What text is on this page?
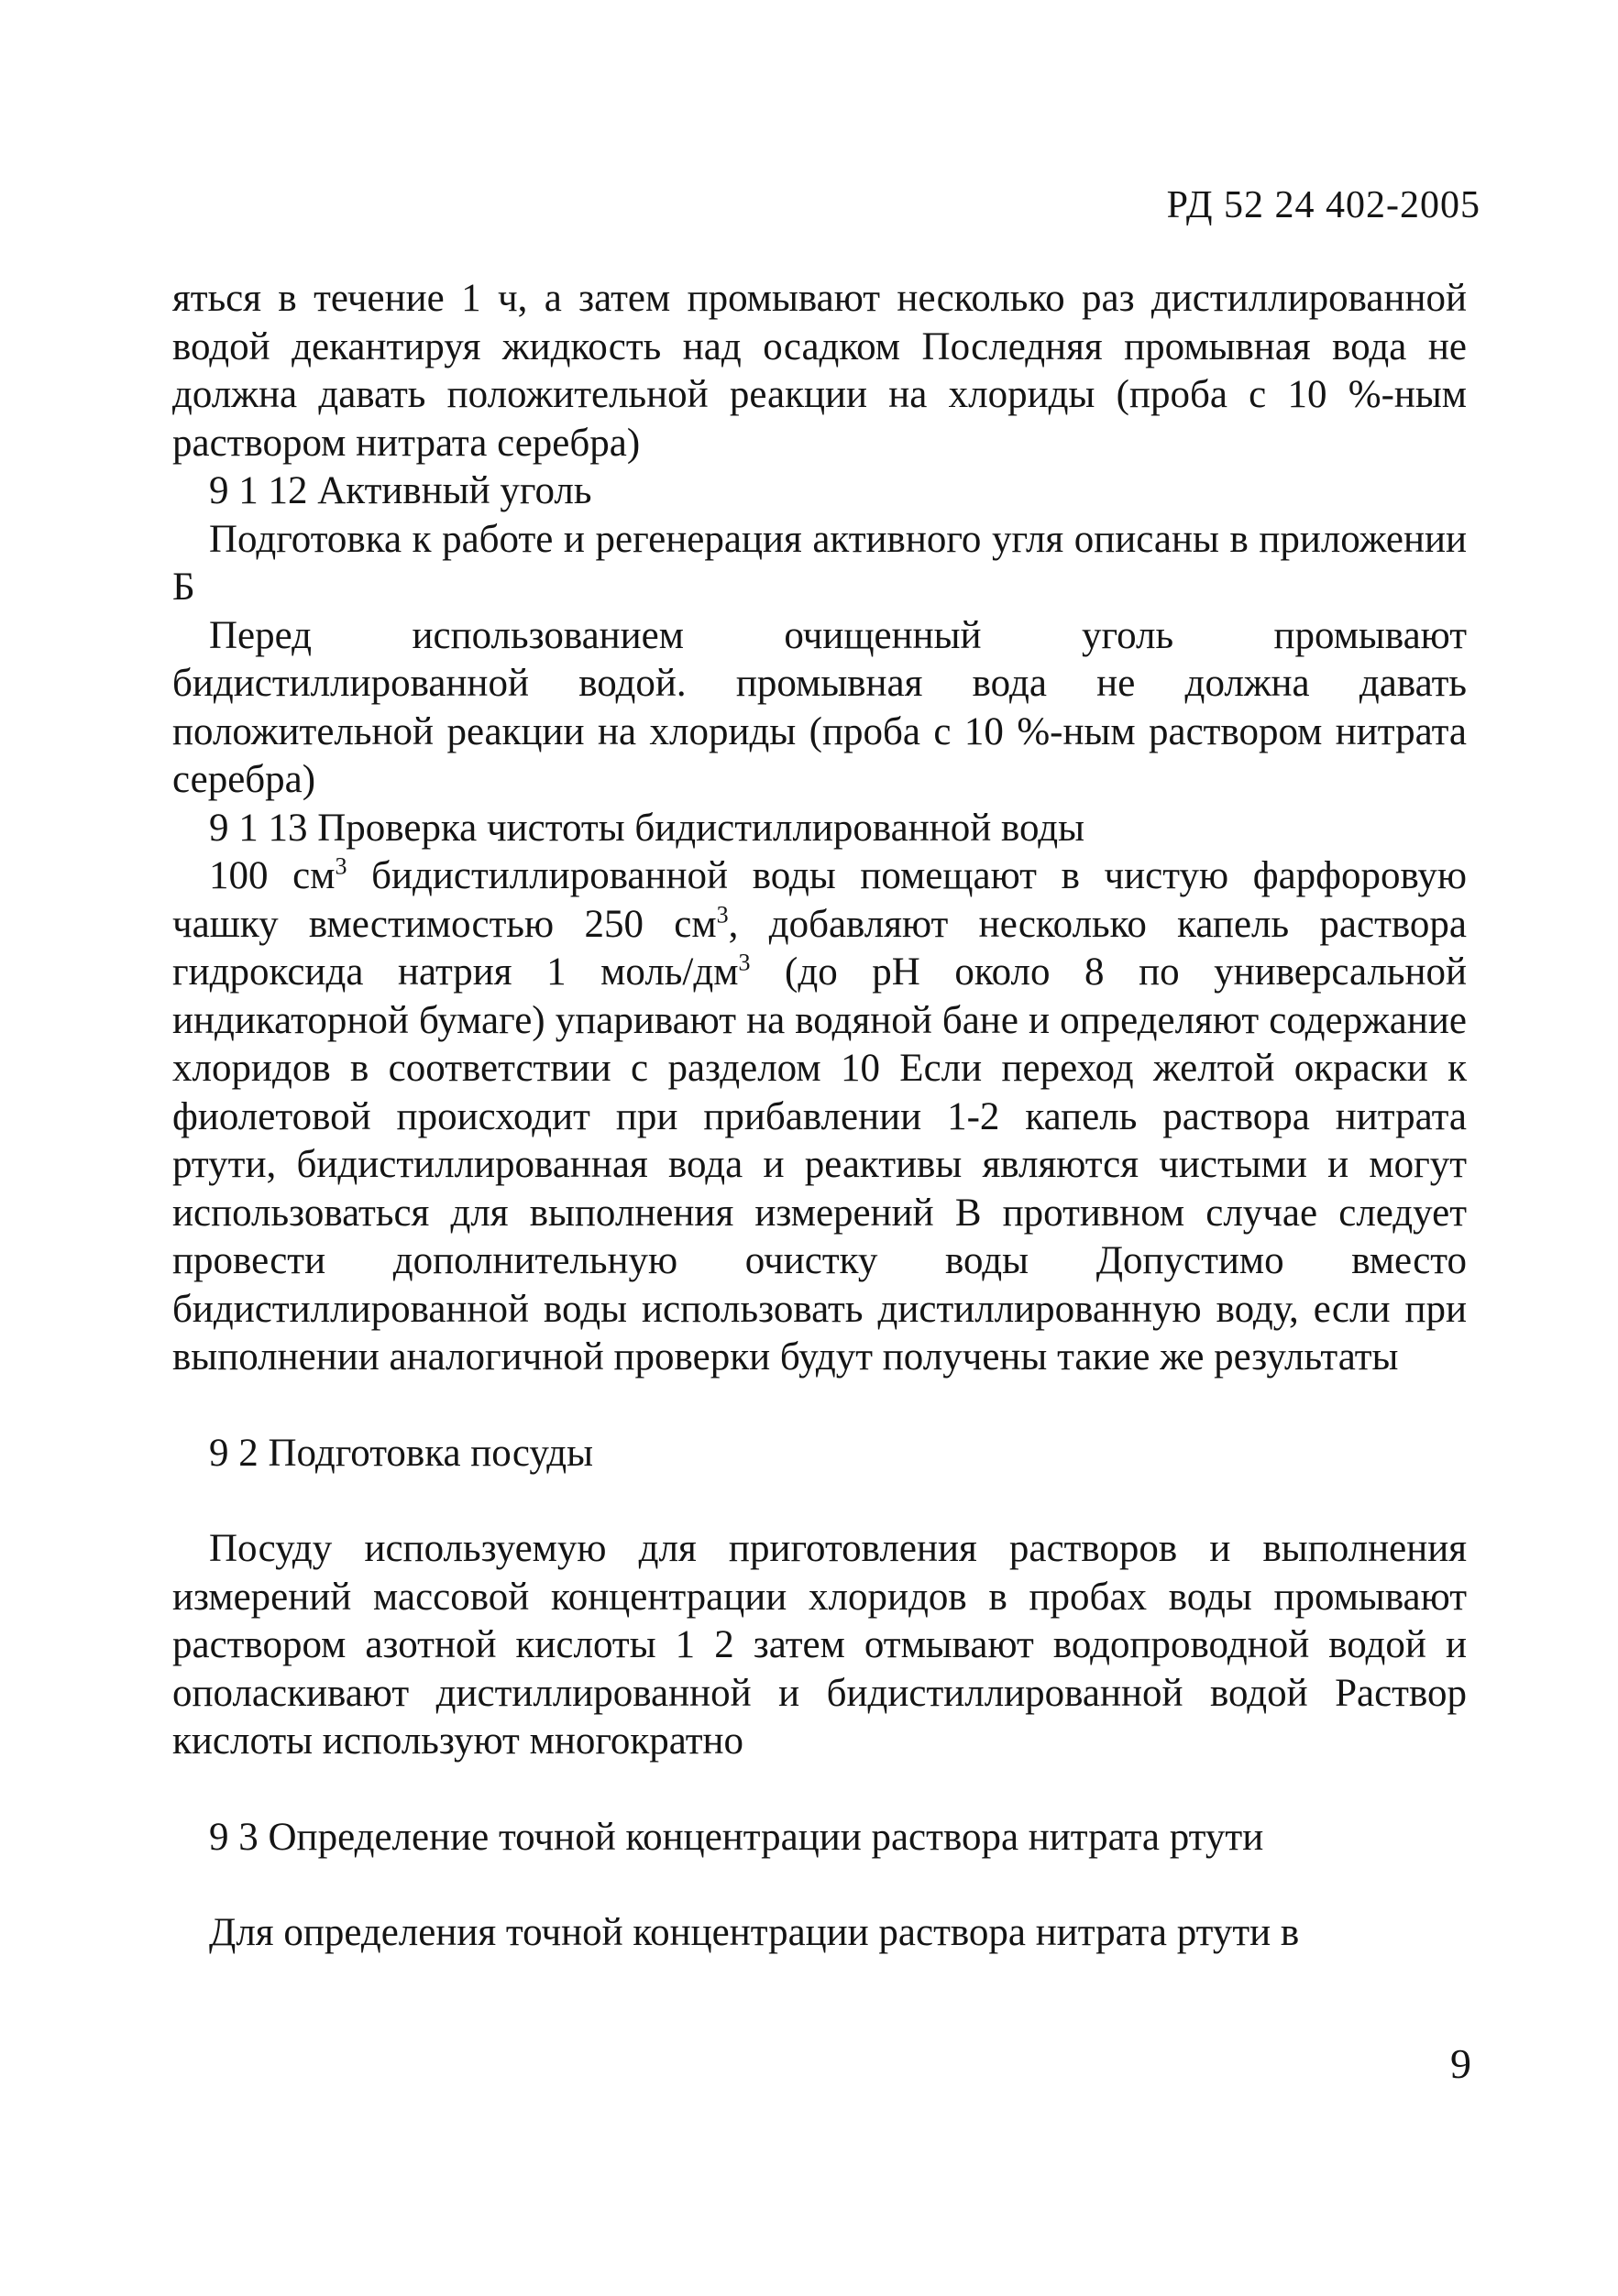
РД 52 24 402-2005

яться в течение 1 ч, а затем промывают несколько раз дистиллированной водой декантируя жидкость над осадком Последняя промывная вода не должна давать положительной реакции на хлориды (проба с 10 %-ным раствором нитрата серебра)

9 1 12 Активный уголь

Подготовка к работе и регенерация активного угля описаны в приложении Б

Перед использованием очищенный уголь промывают бидистиллированной водой. промывная вода не должна давать положительной реакции на хлориды (проба с 10 %-ным раствором нитрата серебра)

9 1 13 Проверка чистоты бидистиллированной воды

100 $см^3$ бидистиллированной воды помещают в чистую фарфоровую чашку вместимостью 250 $см^3$, добавляют несколько капель раствора гидроксида натрия 1 моль/$дм^3$ (до рН около 8 по универсальной индикаторной бумаге) упаривают на водяной бане и определяют содержание хлоридов в соответствии с разделом 10 Если переход желтой окраски к фиолетовой происходит при прибавлении 1-2 капель раствора нитрата ртути, бидистиллированная вода и реактивы являются чистыми и могут использоваться для выполнения измерений В противном случае следует провести дополнительную очистку воды Допустимо вместо бидистиллированной воды использовать дистиллированную воду, если при выполнении аналогичной проверки будут получены такие же результаты

9 2 Подготовка посуды

Посуду используемую для приготовления растворов и выполнения измерений массовой концентрации хлоридов в пробах воды промывают раствором азотной кислоты 1 2 затем отмывают водопроводной водой и ополаскивают дистиллированной и бидистиллированной водой Раствор кислоты используют многократно

9 3 Определение точной концентрации раствора нитрата ртути

Для определения точной концентрации раствора нитрата ртути в

9
